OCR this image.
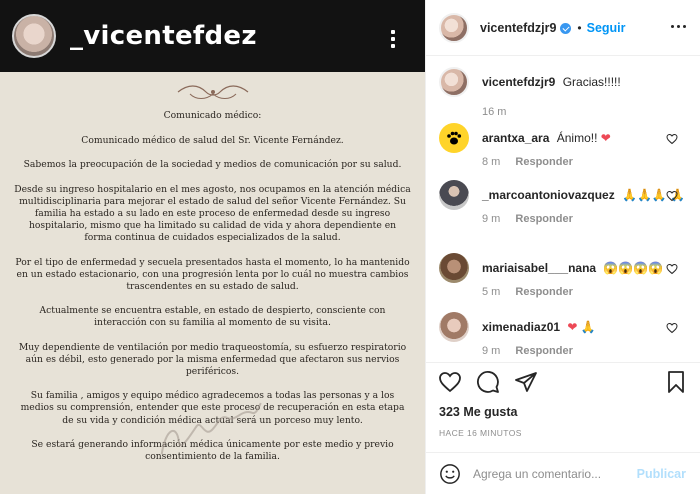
_vicentefdez

Comunicado médico:

Comunicado médico de salud del Sr. Vicente Fernández.

Sabemos la preocupación de la sociedad y medios de comunicación por su salud.

Desde su ingreso hospitalario en el mes agosto, nos ocupamos en la atención médica multidisciplinaria para mejorar el estado de salud del señor Vicente Fernández. Su familia ha estado a su lado en este proceso de enfermedad desde su ingreso hospitalario, mismo que ha limitado su calidad de vida y ahora dependiente en forma continua de cuidados especializados de la salud.

Por el tipo de enfermedad y secuela presentados hasta el momento, lo ha mantenido en un estado estacionario, con una progresión lenta por lo cuál no muestra cambios trascendentes en su estado de salud.

Actualmente se encuentra estable, en estado de despierto, consciente con interacción con su familia al momento de su visita.

Muy dependiente de ventilación por medio traqueostomía, su esfuerzo respiratorio aún es débil, esto generado por la misma enfermedad que afectaron sus nervios periféricos.

Su familia , amigos y equipo médico agradecemos a todas las personas y a los medios su comprensión, entender que este proceso de recuperación en esta etapa de su vida y condición médica actual será un porceso muy lento.

Se estará generando información médica únicamente por este medio y previo consentimiento de la familia.

vicentefdzjr9 • Seguir
vicentefdzjr9 Gracias!!!!!
16 m
arantxa_ara Ánimo!! ❤
8 m Responder
_marcoantoniovazquez 🙏🙏🙏 🙏
9 m Responder
mariaisabel___nana 😱😱😱😱
5 m Responder
ximenadiaz01 ❤ 🙏
9 m Responder
323 Me gusta
HACE 16 MINUTOS
Agrega un comentario...
Publicar
